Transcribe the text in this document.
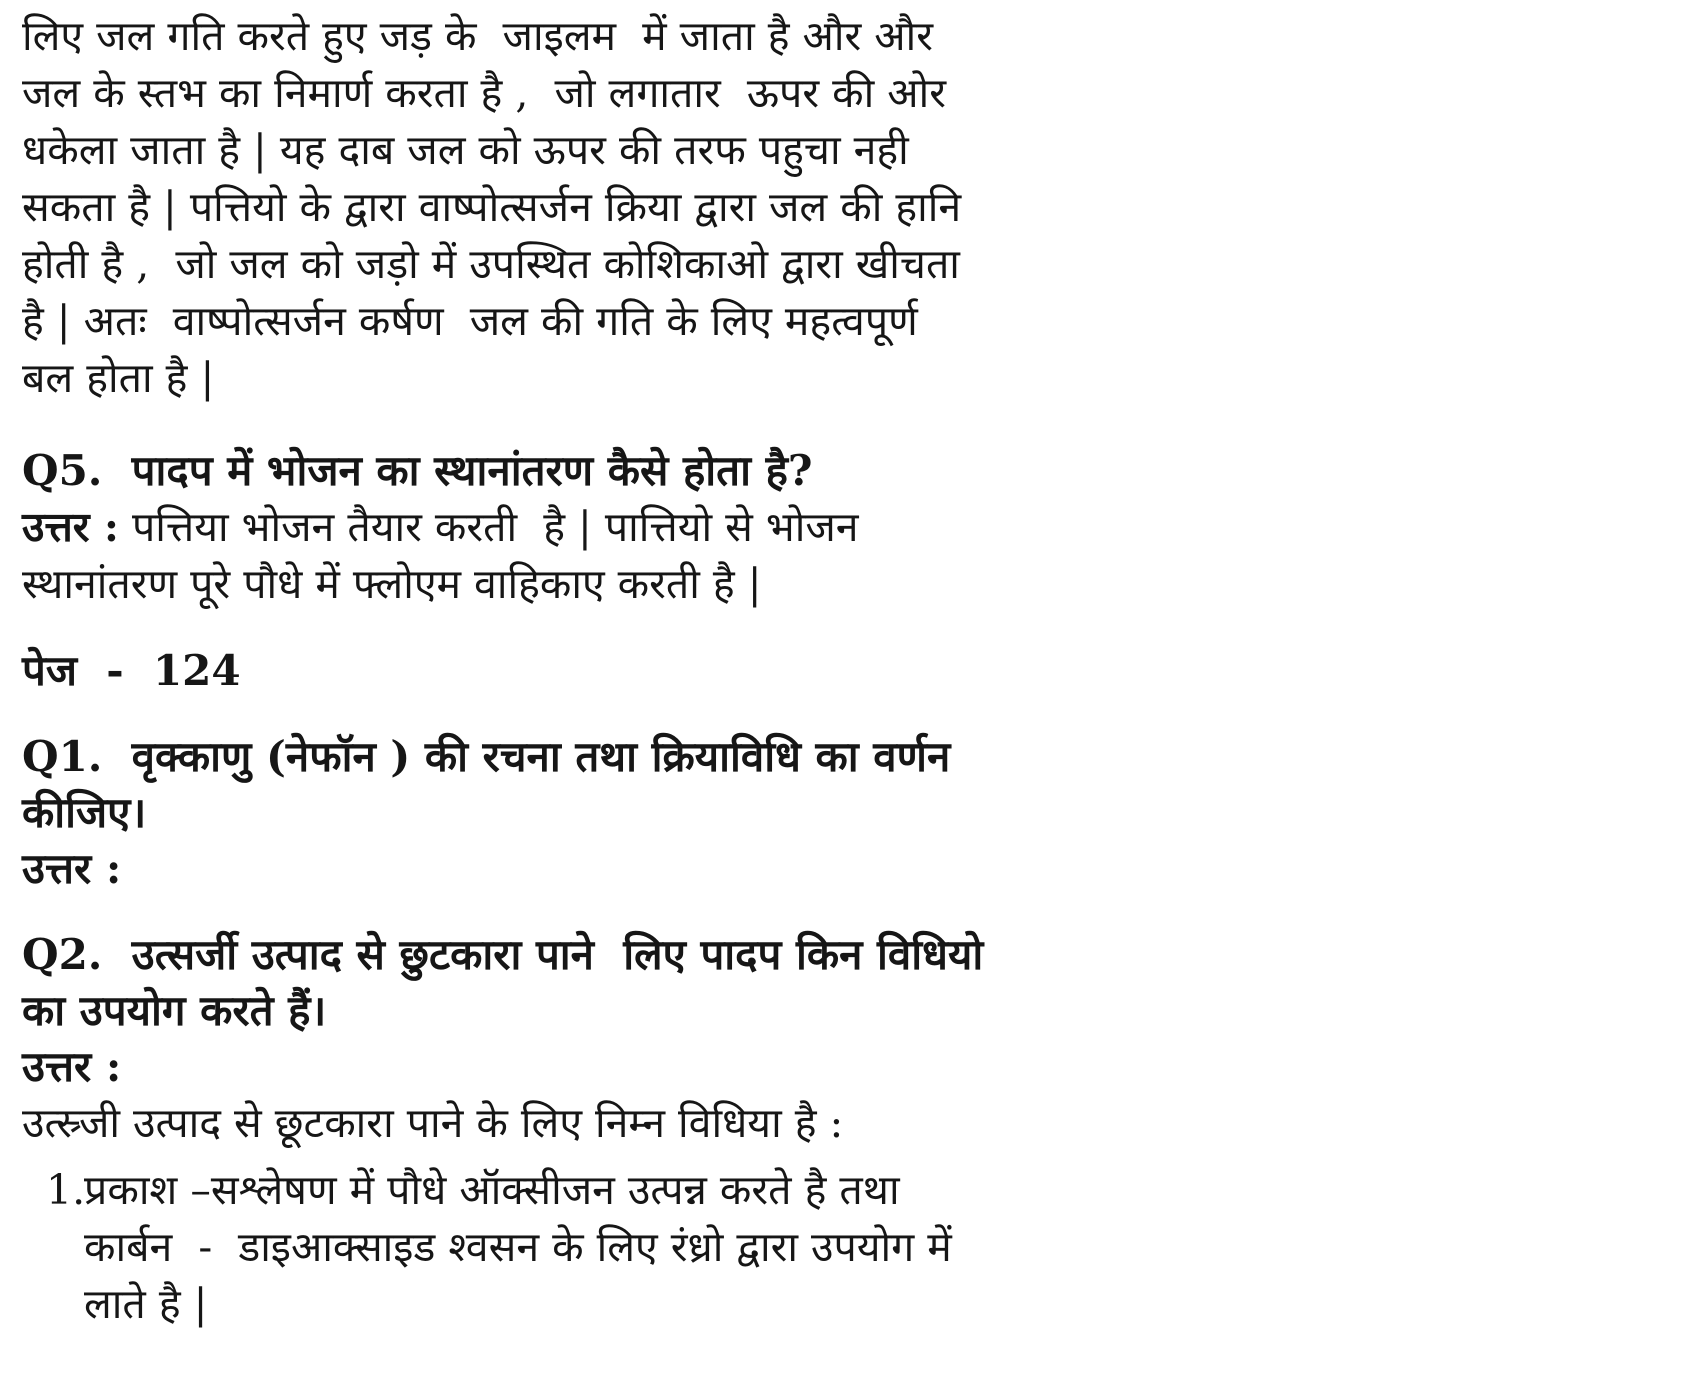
लिए जल गति करते हुए जड़ के  जाइलम  में जाता है और और

जल के स्तभ का निमार्ण करता है ,  जो लगातार  ऊपर की ओर

धकेला जाता है | यह दाब जल को ऊपर की तरफ पहुचा नही

सकता है | पत्तियो के द्वारा वाष्पोत्सर्जन क्रिया द्वारा जल की हानि

होती है ,  जो जल को जड़ो में उपस्थित कोशिकाओ द्वारा खीचता

है | अतः  वाष्पोत्सर्जन कर्षण  जल की गति के लिए महत्वपूर्ण

बल होता है |

Q5.  पादप में भोजन का स्थानांतरण कैसे होता है?

उत्तर : पत्तिया भोजन तैयार करती  है | पात्तियो से भोजन

स्थानांतरण पूरे पौधे में फ्लोएम वाहिकाए करती है |

पेज  -  124

Q1.  वृक्काणु (नेफॉन ) की रचना तथा क्रियाविधि का वर्णन

कीजिए।

उत्तर :

Q2.  उत्सर्जी उत्पाद से छुटकारा पाने  लिए पादप किन विधियो

का उपयोग करते हैं।

उत्तर :

उत्स्र्जी उत्पाद से छूटकारा पाने के लिए निम्न विधिया है :

1.

प्रकाश –सश्लेषण में पौधे ऑक्सीजन उत्पन्न करते है तथा

कार्बन  -  डाइआक्साइड श्वसन के लिए रंध्रो द्वारा उपयोग में

लाते है |
